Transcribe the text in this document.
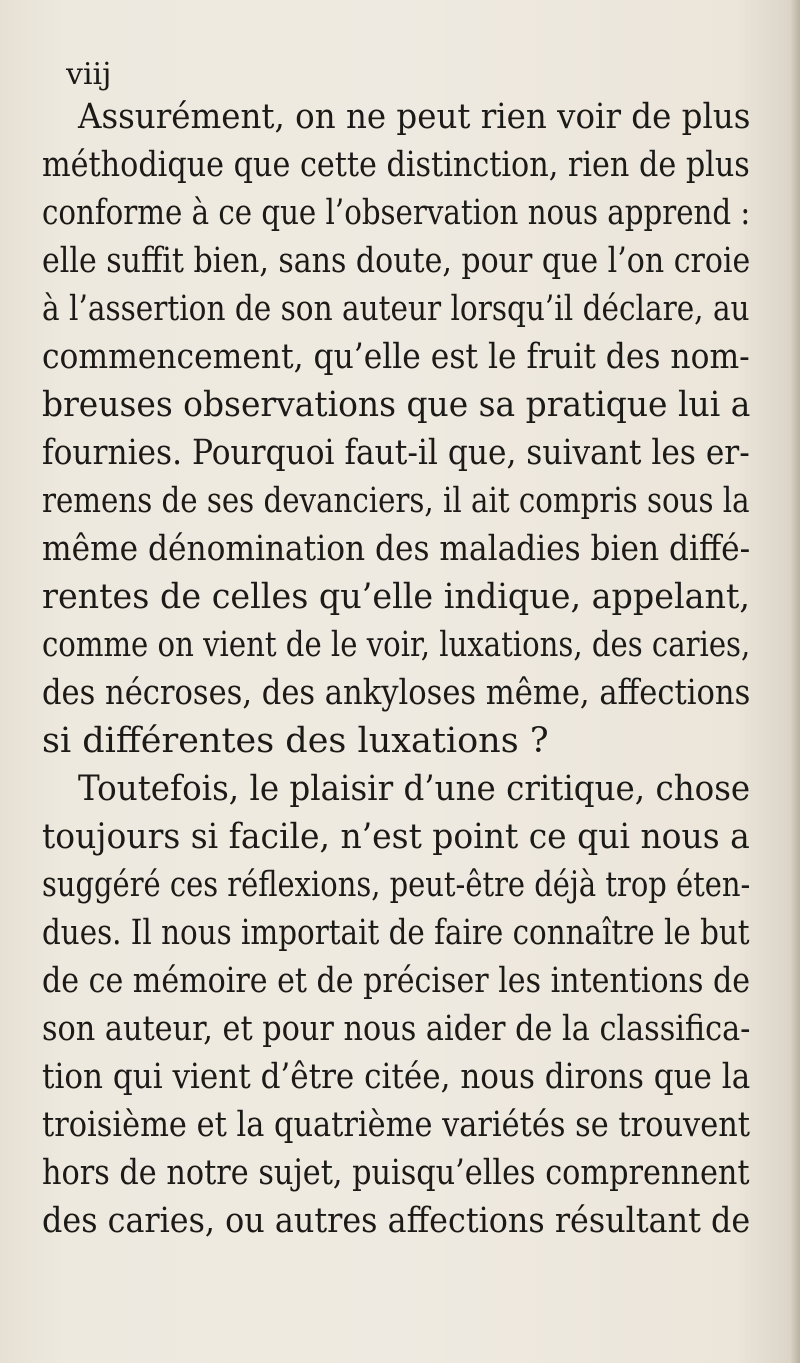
viij
Assurément, on ne peut rien voir de plus
méthodique que cette distinction, rien de plus
conforme à ce que l’observation nous apprend :
elle suffit bien, sans doute, pour que l’on croie
à l’assertion de son auteur lorsqu’il déclare, au
commencement, qu’elle est le fruit des nom-
breuses observations que sa pratique lui a
fournies. Pourquoi faut-il que, suivant les er-
remens de ses devanciers, il ait compris sous la
même dénomination des maladies bien diffé-
rentes de celles qu’elle indique, appelant,
comme on vient de le voir, luxations, des caries,
des nécroses, des ankyloses même, affections
si différentes des luxations ?
Toutefois, le plaisir d’une critique, chose
toujours si facile, n’est point ce qui nous a
suggéré ces réflexions, peut-être déjà trop éten-
dues. Il nous importait de faire connaître le but
de ce mémoire et de préciser les intentions de
son auteur, et pour nous aider de la classifica-
tion qui vient d’être citée, nous dirons que la
troisième et la quatrième variétés se trouvent
hors de notre sujet, puisqu’elles comprennent
des caries, ou autres affections résultant de
